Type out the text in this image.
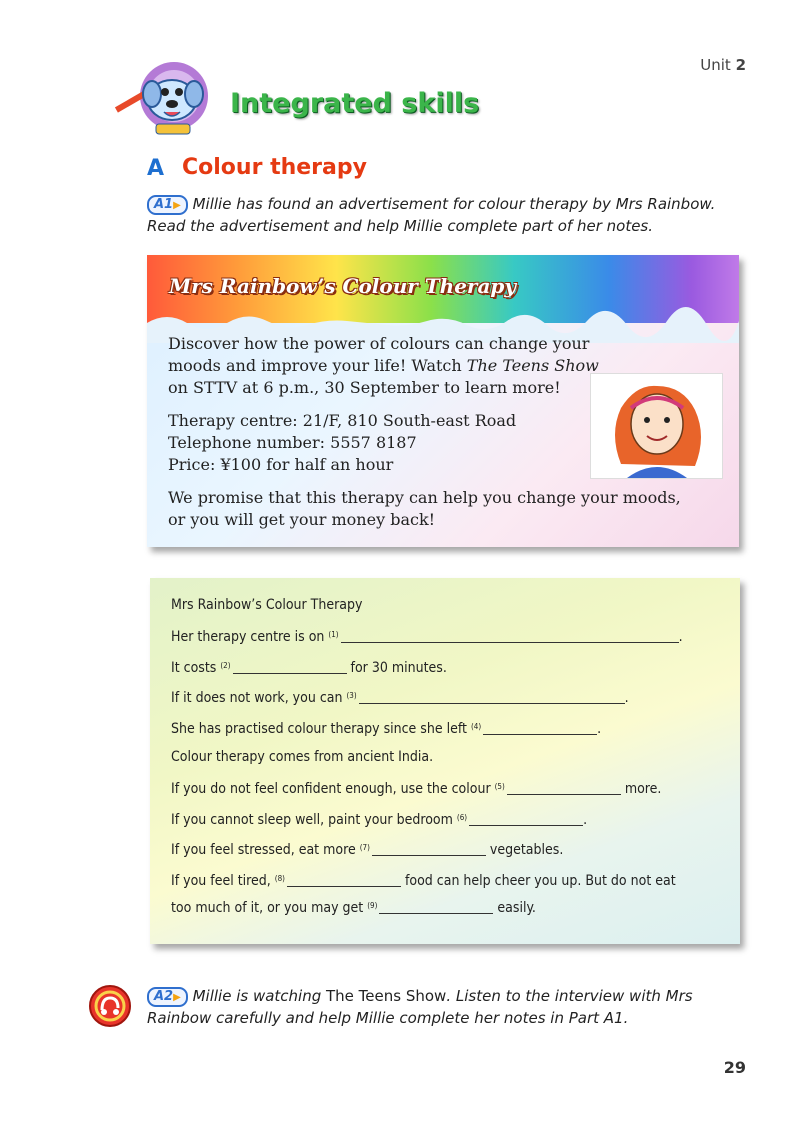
Unit 2
Integrated skills
A Colour therapy
A1▶ Millie has found an advertisement for colour therapy by Mrs Rainbow. Read the advertisement and help Millie complete part of her notes.
Mrs Rainbow’s Colour Therapy

Discover how the power of colours can change your moods and improve your life! Watch The Teens Show on STTV at 6 p.m., 30 September to learn more!

Therapy centre: 21/F, 810 South-east Road
Telephone number: 5557 8187
Price: ¥100 for half an hour

We promise that this therapy can help you change your moods, or you will get your money back!

Mrs Rainbow’s Colour Therapy
Her therapy centre is on $^{(1)}$	.
It costs $^{(2)}$	for 30 minutes.
If it does not work, you can $^{(3)}$	.
She has practised colour therapy since she left $^{(4)}$	.
Colour therapy comes from ancient India.
If you do not feel confident enough, use the colour $^{(5)}$	more.
If you cannot sleep well, paint your bedroom $^{(6)}$	.
If you feel stressed, eat more $^{(7)}$	vegetables.
If you feel tired, $^{(8)}$	food can help cheer you up. But do not eat
too much of it, or you may get $^{(9)}$	easily.
A2▶ Millie is watching The Teens Show. Listen to the interview with Mrs Rainbow carefully and help Millie complete her notes in Part A1.
29
